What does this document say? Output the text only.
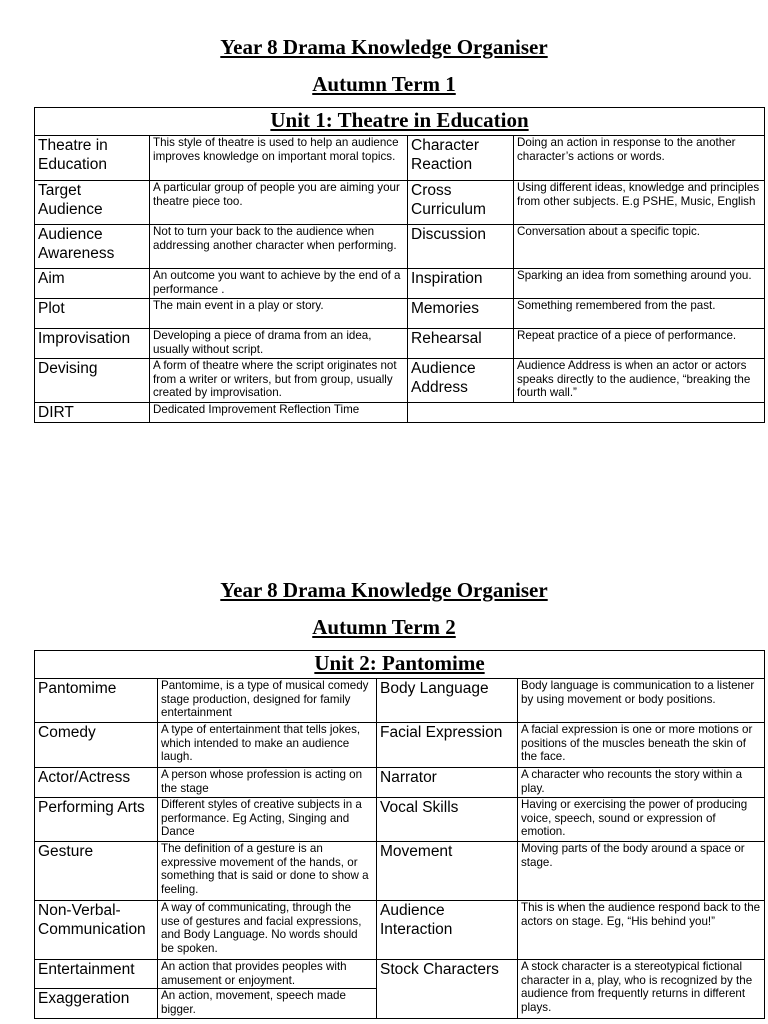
Year 8 Drama Knowledge Organiser
Autumn Term 1
Unit 1: Theatre in Education			
Theatre in Education	This style of theatre is used to help an audience improves knowledge on important moral topics.	Character Reaction	Doing an action in response to the another character’s actions or words.
Target Audience	A particular group of people you are aiming your theatre piece too.	Cross Curriculum	Using different ideas, knowledge and principles from other subjects. E.g PSHE, Music, English
Audience Awareness	Not to turn your back to the audience when addressing another character when performing.	Discussion	Conversation about a specific topic.
Aim	An outcome you want to achieve by the end of a performance .	Inspiration	Sparking an idea from something around you.
Plot	The main event in a play or story.	Memories	Something remembered from the past.
Improvisation	Developing a piece of drama from an idea, usually without script.	Rehearsal	Repeat practice of a piece of performance.
Devising	A form of theatre where the script originates not from a writer or writers, but from group, usually created by improvisation.	Audience Address	Audience Address is when an actor or actors speaks directly to the audience, “breaking the fourth wall.”
DIRT	Dedicated Improvement Reflection Time		
Year 8 Drama Knowledge Organiser
Autumn Term 2
Unit 2: Pantomime			
Pantomime	Pantomime, is a type of musical comedy stage production, designed for family entertainment	Body Language	Body language is communication to a listener by using movement or body positions.
Comedy	A type of entertainment that tells jokes, which intended to make an audience laugh.	Facial Expression	A facial expression is one or more motions or positions of the muscles beneath the skin of the face.
Actor/Actress	A person whose profession is acting on the stage	Narrator	A character who recounts the story within a play.
Performing Arts	Different styles of creative subjects in a performance. Eg Acting, Singing and Dance	Vocal Skills	Having or exercising the power of producing voice, speech, sound or expression of emotion.
Gesture	The definition of a gesture is an expressive movement of the hands, or something that is said or done to show a feeling.	Movement	Moving parts of the body around a space or stage.
Non-Verbal-Communication	A way of communicating, through the use of gestures and facial expressions, and Body Language. No words should be spoken.	Audience Interaction	This is when the audience respond back to the actors on stage. Eg, “His behind you!”
Entertainment	An action that provides peoples with amusement or enjoyment.	Stock Characters	A stock character is a stereotypical fictional character in a, play, who is recognized by the audience from frequently returns in different plays.
Exaggeration	An action, movement, speech made bigger.		
